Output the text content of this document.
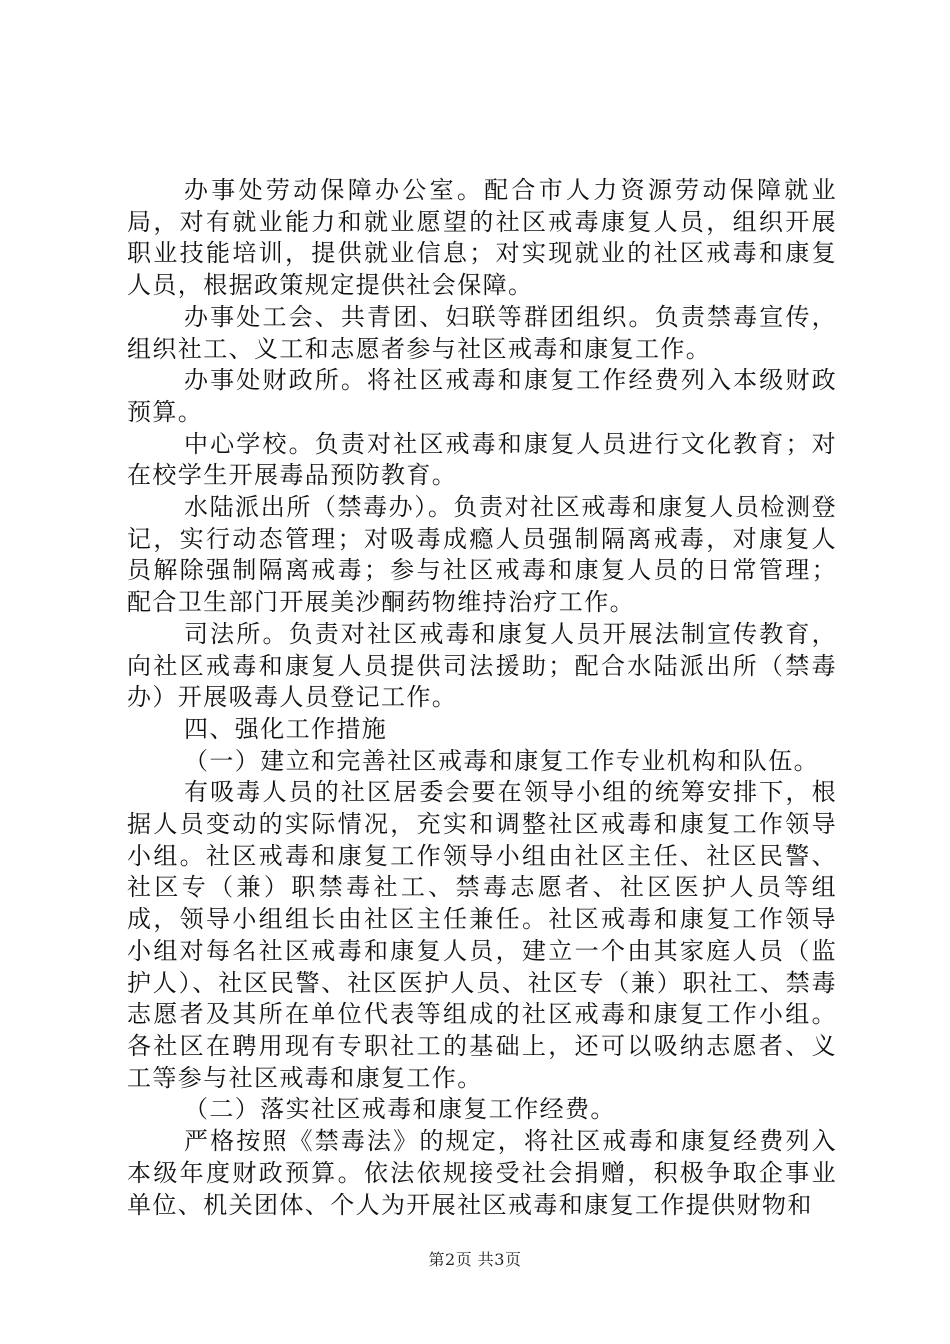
办事处劳动保障办公室。配合市人力资源劳动保障就业局，对有就业能力和就业愿望的社区戒毒康复人员，组织开展职业技能培训，提供就业信息；对实现就业的社区戒毒和康复人员，根据政策规定提供社会保障。

办事处工会、共青团、妇联等群团组织。负责禁毒宣传，组织社工、义工和志愿者参与社区戒毒和康复工作。

办事处财政所。将社区戒毒和康复工作经费列入本级财政预算。

中心学校。负责对社区戒毒和康复人员进行文化教育；对在校学生开展毒品预防教育。

水陆派出所（禁毒办）。负责对社区戒毒和康复人员检测登记，实行动态管理；对吸毒成瘾人员强制隔离戒毒，对康复人员解除强制隔离戒毒；参与社区戒毒和康复人员的日常管理；配合卫生部门开展美沙酮药物维持治疗工作。

司法所。负责对社区戒毒和康复人员开展法制宣传教育，向社区戒毒和康复人员提供司法援助；配合水陆派出所（禁毒办）开展吸毒人员登记工作。

四、强化工作措施

（一）建立和完善社区戒毒和康复工作专业机构和队伍。

有吸毒人员的社区居委会要在领导小组的统筹安排下，根据人员变动的实际情况，充实和调整社区戒毒和康复工作领导小组。社区戒毒和康复工作领导小组由社区主任、社区民警、社区专（兼）职禁毒社工、禁毒志愿者、社区医护人员等组成，领导小组组长由社区主任兼任。社区戒毒和康复工作领导小组对每名社区戒毒和康复人员，建立一个由其家庭人员（监护人）、社区民警、社区医护人员、社区专（兼）职社工、禁毒志愿者及其所在单位代表等组成的社区戒毒和康复工作小组。各社区在聘用现有专职社工的基础上，还可以吸纳志愿者、义工等参与社区戒毒和康复工作。

（二）落实社区戒毒和康复工作经费。

严格按照《禁毒法》的规定，将社区戒毒和康复经费列入本级年度财政预算。依法依规接受社会捐赠，积极争取企事业单位、机关团体、个人为开展社区戒毒和康复工作提供财物和

第2页 共3页
